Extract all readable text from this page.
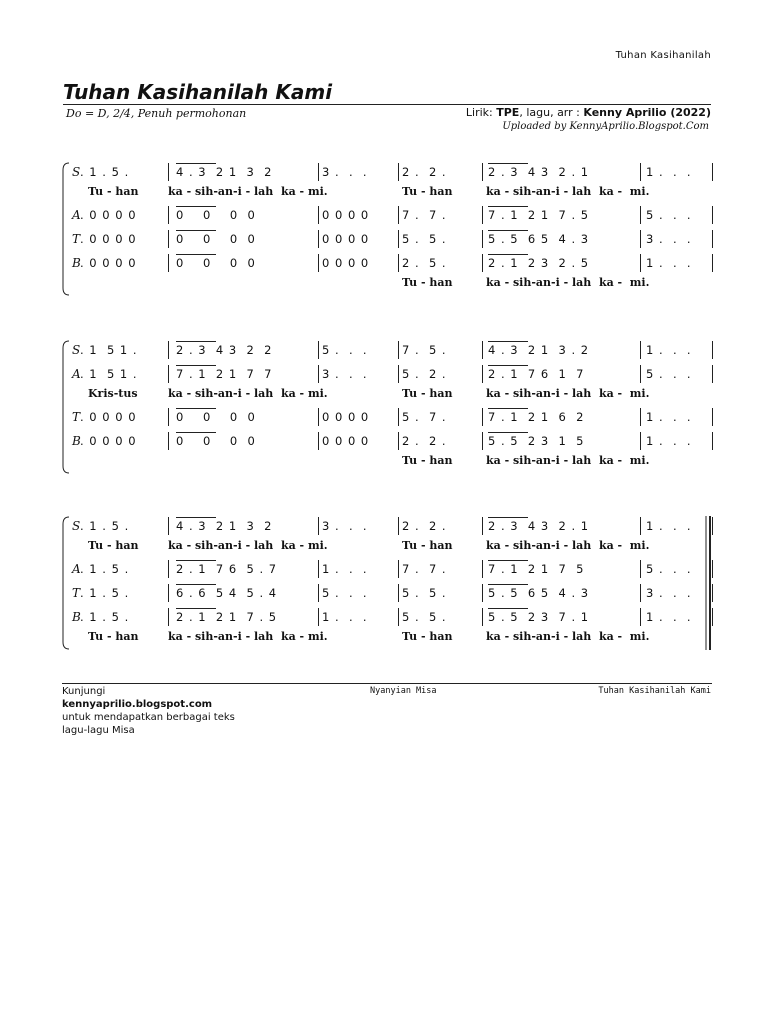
Tuhan Kasihanilah
Tuhan Kasihanilah Kami
Do = D, 2/4, Penuh permohonan	Lirik: TPE, lagu, arr : Kenny Aprilio (2022)
Uploaded by KennyAprilio.Blogspot.Com
S . 1 . 5 .	4 . 3  2 1  3  2	3 .  .  .	2 .  2 .	2 . 3  4 3  2 . 1	1 .  .  .
Tu - han	ka - sih-an-i - lah  ka - mi.	Tu - han	ka - sih-an-i - lah  ka -  mi.
A . 0 0 0 0	0    0    0  0	0 0 0 0	7 .  7 .	7 . 1  2 1  7 . 5	5 .  .  .
T . 0 0 0 0	0    0    0  0	0 0 0 0	5 .  5 .	5 . 5  6 5  4 . 3	3 .  .  .
B . 0 0 0 0	0    0    0  0	0 0 0 0	2 .  5 .	2 . 1  2 3  2 . 5	1 .  .  .
Tu - han	ka - sih-an-i - lah  ka -  mi.
S . 1  5 1 .	2 . 3  4 3  2  2	5 .  .  .	7 .  5 .	4 . 3  2 1  3 . 2	1 .  .  .
A . 1  5 1 .	7 . 1  2 1  7  7	3 .  .  .	5 .  2 .	2 . 1  7 6  1  7	5 .  .  .
Kris-tus	ka - sih-an-i - lah  ka - mi.	Tu - han	ka - sih-an-i - lah  ka -  mi.
T . 0 0 0 0	0    0    0  0	0 0 0 0	5 .  7 .	7 . 1  2 1  6  2	1 .  .  .
B . 0 0 0 0	0    0    0  0	0 0 0 0	2 .  2 .	5 . 5  2 3  1  5	1 .  .  .
Tu - han	ka - sih-an-i - lah  ka -  mi.
S . 1 . 5 .	4 . 3  2 1  3  2	3 .  .  .	2 .  2 .	2 . 3  4 3  2 . 1	1 .  .  .
Tu - han	ka - sih-an-i - lah  ka - mi.	Tu - han	ka - sih-an-i - lah  ka -  mi.
A . 1 . 5 .	2 . 1  7 6  5 . 7	1 .  .  .	7 .  7 .	7 . 1  2 1  7  5	5 .  .  .
T . 1 . 5 .	6 . 6  5 4  5 . 4	5 .  .  .	5 .  5 .	5 . 5  6 5  4 . 3	3 .  .  .
B . 1 . 5 .	2 . 1  2 1  7 . 5	1 .  .  .	5 .  5 .	5 . 5  2 3  7 . 1	1 .  .  .
Tu - han	ka - sih-an-i - lah  ka - mi.	Tu - han	ka - sih-an-i - lah  ka -  mi.
Kunjungi
kennyaprilio.blogspot.com
untuk mendapatkan berbagai teks
lagu-lagu Misa
Nyanyian Misa	Tuhan Kasihanilah Kami
